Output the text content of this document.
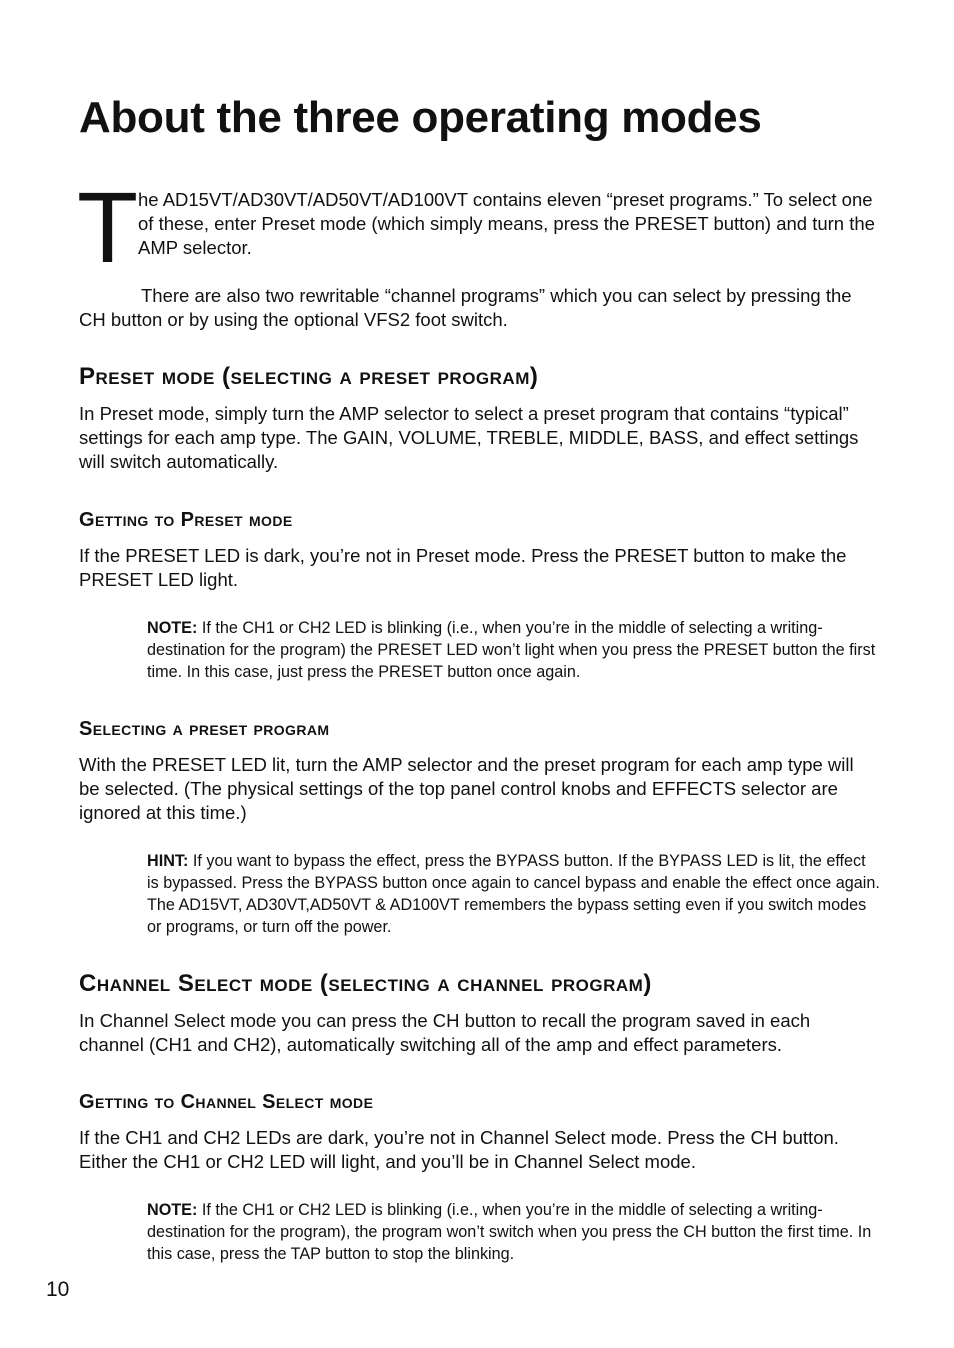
About the three operating modes
T he AD15VT/AD30VT/AD50VT/AD100VT contains eleven “preset programs.” To select one of these, enter Preset mode (which simply means, press the PRESET button) and turn the AMP selector.

There are also two rewritable “channel programs” which you can select by pressing the CH button or by using the optional VFS2 foot switch.

Preset mode (selecting a preset program)

In Preset mode, simply turn the AMP selector to select a preset program that contains “typical” settings for each amp type. The GAIN, VOLUME, TREBLE, MIDDLE, BASS, and effect settings will switch automatically.

Getting to Preset mode

If the PRESET LED is dark, you’re not in Preset mode. Press the PRESET button to make the PRESET LED light.

NOTE: If the CH1 or CH2 LED is blinking (i.e., when you’re in the middle of selecting a writing-destination for the program) the PRESET LED won’t light when you press the PRESET button the first time. In this case, just press the PRESET button once again.

Selecting a preset program

With the PRESET LED lit, turn the AMP selector and the preset program for each amp type will be selected. (The physical settings of the top panel control knobs and EFFECTS selector are ignored at this time.)

HINT: If you want to bypass the effect, press the BYPASS button. If the BYPASS LED is lit, the effect is bypassed. Press the BYPASS button once again to cancel bypass and enable the effect once again. The AD15VT, AD30VT,AD50VT & AD100VT remembers the bypass setting even if you switch modes or programs, or turn off the power.

Channel Select mode (selecting a channel program)

In Channel Select mode you can press the CH button to recall the program saved in each channel (CH1 and CH2), automatically switching all of the amp and effect parameters.

Getting to Channel Select mode

If the CH1 and CH2 LEDs are dark, you’re not in Channel Select mode. Press the CH button. Either the CH1 or CH2 LED will light, and you’ll be in Channel Select mode.

NOTE: If the CH1 or CH2 LED is blinking (i.e., when you’re in the middle of selecting a writing-destination for the program), the program won’t switch when you press the CH button the first time. In this case, press the TAP button to stop the blinking.

10
